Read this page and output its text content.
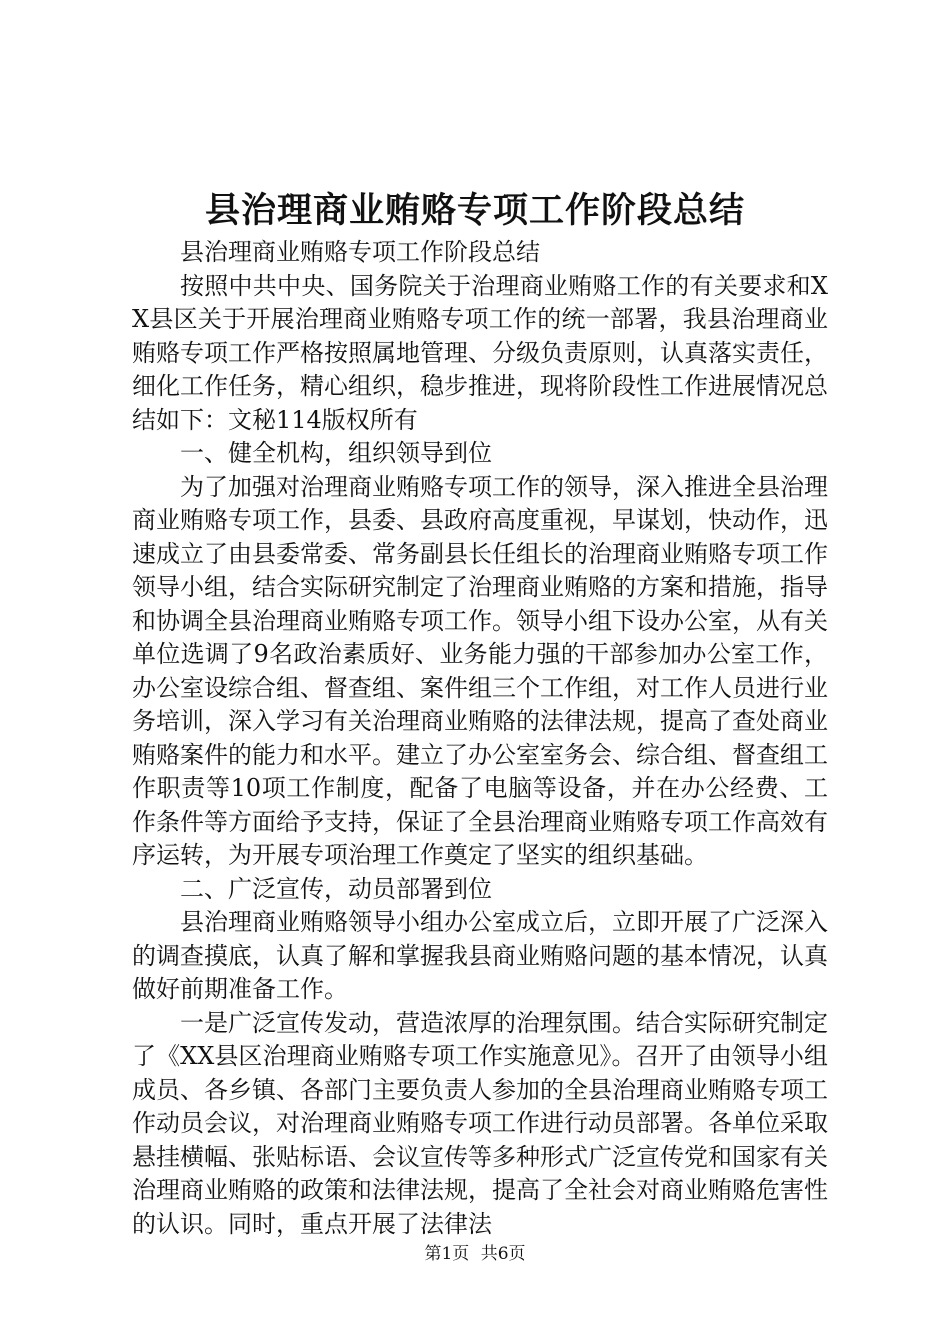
县治理商业贿赂专项工作阶段总结

县治理商业贿赂专项工作阶段总结

按照中共中央、国务院关于治理商业贿赂工作的有关要求和XX县区关于开展治理商业贿赂专项工作的统一部署，我县治理商业贿赂专项工作严格按照属地管理、分级负责原则，认真落实责任，细化工作任务，精心组织，稳步推进，现将阶段性工作进展情况总结如下：文秘114版权所有

一、健全机构，组织领导到位

为了加强对治理商业贿赂专项工作的领导，深入推进全县治理商业贿赂专项工作，县委、县政府高度重视，早谋划，快动作，迅速成立了由县委常委、常务副县长任组长的治理商业贿赂专项工作领导小组，结合实际研究制定了治理商业贿赂的方案和措施，指导和协调全县治理商业贿赂专项工作。领导小组下设办公室，从有关单位选调了9名政治素质好、业务能力强的干部参加办公室工作，办公室设综合组、督查组、案件组三个工作组，对工作人员进行业务培训，深入学习有关治理商业贿赂的法律法规，提高了查处商业贿赂案件的能力和水平。建立了办公室室务会、综合组、督查组工作职责等10项工作制度，配备了电脑等设备，并在办公经费、工作条件等方面给予支持，保证了全县治理商业贿赂专项工作高效有序运转，为开展专项治理工作奠定了坚实的组织基础。

二、广泛宣传，动员部署到位

县治理商业贿赂领导小组办公室成立后，立即开展了广泛深入的调查摸底，认真了解和掌握我县商业贿赂问题的基本情况，认真做好前期准备工作。

一是广泛宣传发动，营造浓厚的治理氛围。结合实际研究制定了《XX县区治理商业贿赂专项工作实施意见》。召开了由领导小组成员、各乡镇、各部门主要负责人参加的全县治理商业贿赂专项工作动员会议，对治理商业贿赂专项工作进行动员部署。各单位采取悬挂横幅、张贴标语、会议宣传等多种形式广泛宣传党和国家有关治理商业贿赂的政策和法律法规，提高了全社会对商业贿赂危害性的认识。同时，重点开展了法律法

第1页 共6页
